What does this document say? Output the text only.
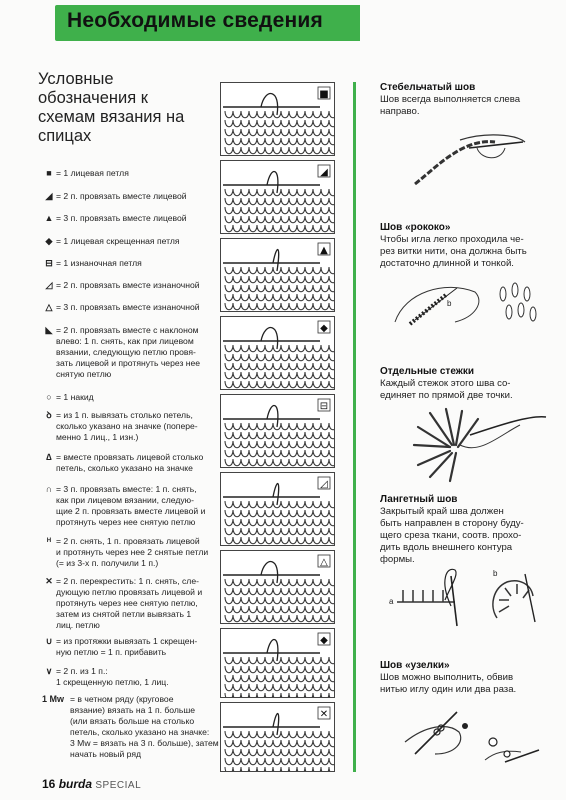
Необходимые сведения
Условные обозначения к схемам вязания на спицах
■ = 1 лицевая петля
◢ = 2 п. провязать вместе лицевой
▲ = 3 п. провязать вместе лицевой
◆ = 1 лицевая скрещенная петля
⊟ = 1 изнаночная петля
◿ = 2 п. провязать вместе изнаночной
△ = 3 п. провязать вместе изнаночной
◣ = 2 п. провязать вместе с наклоном
влево: 1 п. снять, как при лицевом
вязании, следующую петлю провя-
зать лицевой и протянуть через нее
снятую петлю
○ = 1 накид
ꝺ = из 1 п. вывязать столько петель,
сколько указано на значке (попере-
менно 1 лиц., 1 изн.)
∆ = вместе провязать лицевой столько
петель, сколько указано на значке
∩ = 3 п. провязать вместе: 1 п. снять,
как при лицевом вязании, следую-
щие 2 п. провязать вместе лицевой и
протянуть через нее снятую петлю
ᴴ = 2 п. снять, 1 п. провязать лицевой
и протянуть через нее 2 снятые петли
(= из 3-х п. получили 1 п.)
✕ = 2 п. перекрестить: 1 п. снять, сле-
дующую петлю провязать лицевой и
протянуть через нее снятую петлю,
затем из снятой петли вывязать 1
лиц. петлю
∪ = из протяжки вывязать 1 скрещен-
ную петлю = 1 п. прибавить
∨ = 2 п. из 1 п.:
1 скрещенную петлю, 1 лиц.
1 Мw = в четном ряду (круговое
вязание) вязать на 1 п. больше
(или вязать больше на столько
петель, сколько указано на значке:
3 Мw = вязать на 3 п. больше), затем
начать новый ряд
■
◢
▲
◆
⊟
◿
△
◆
✕
Стебельчатый шов
Шов всегда выполняется слева
направо.
Шов «рококо»
Чтобы игла легко проходила че-
рез витки нити, она должна быть
достаточно длинной и тонкой.
b
Отдельные стежки
Каждый стежок этого шва со-
единяет по прямой две точки.
Лангетный шов
Закрытый край шва должен
быть направлен в сторону буду-
щего среза ткани, соотв. прохо-
дить вдоль внешнего контура
формы.
a
b
Шов «узелки»
Шов можно выполнить, обвив
нитью иглу один или два раза.
16 burda SPECIAL
